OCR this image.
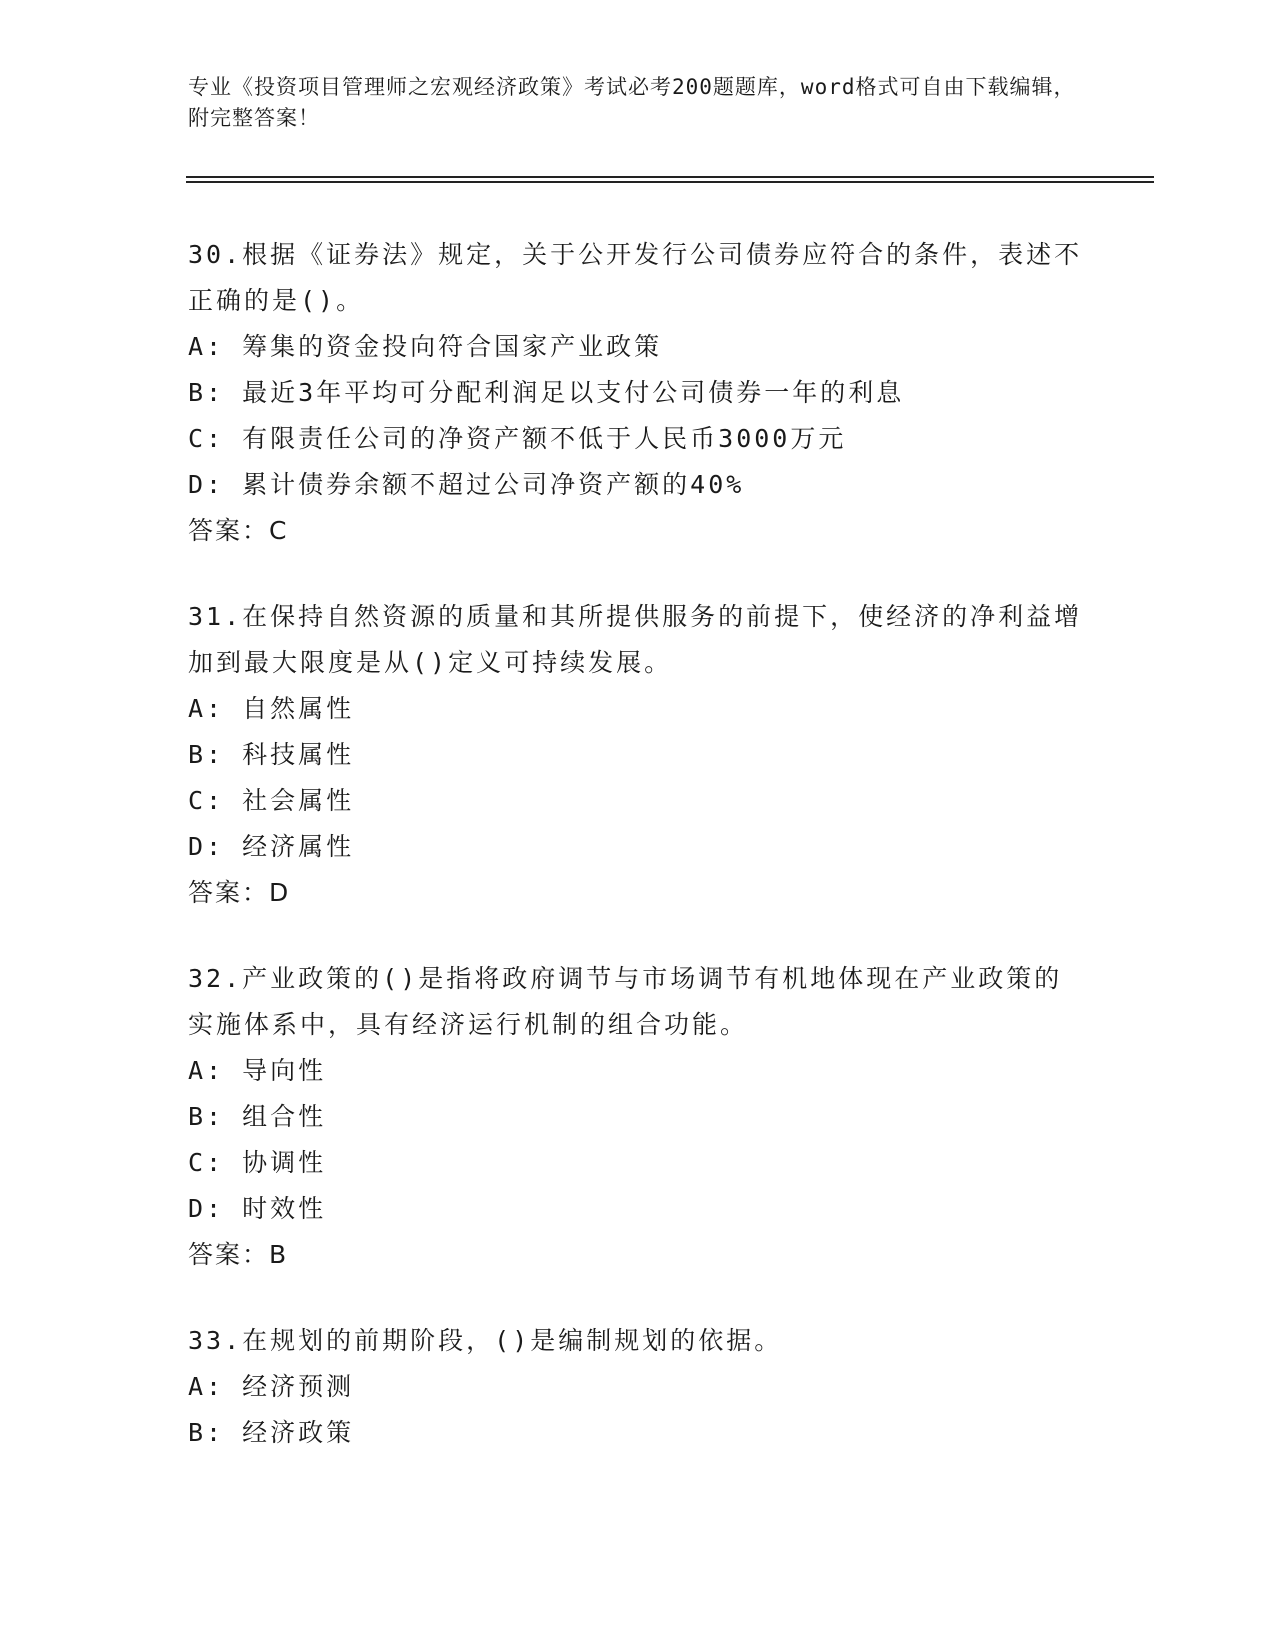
专业《投资项目管理师之宏观经济政策》考试必考200题题库，word格式可自由下载编辑，附完整答案！
30.根据《证券法》规定，关于公开发行公司债券应符合的条件，表述不正确的是()。
A: 筹集的资金投向符合国家产业政策
B: 最近3年平均可分配利润足以支付公司债券一年的利息
C: 有限责任公司的净资产额不低于人民币3000万元
D: 累计债券余额不超过公司净资产额的40%
答案：C
31.在保持自然资源的质量和其所提供服务的前提下，使经济的净利益增加到最大限度是从()定义可持续发展。
A: 自然属性
B: 科技属性
C: 社会属性
D: 经济属性
答案：D
32.产业政策的()是指将政府调节与市场调节有机地体现在产业政策的实施体系中，具有经济运行机制的组合功能。
A: 导向性
B: 组合性
C: 协调性
D: 时效性
答案：B
33.在规划的前期阶段，()是编制规划的依据。
A: 经济预测
B: 经济政策
